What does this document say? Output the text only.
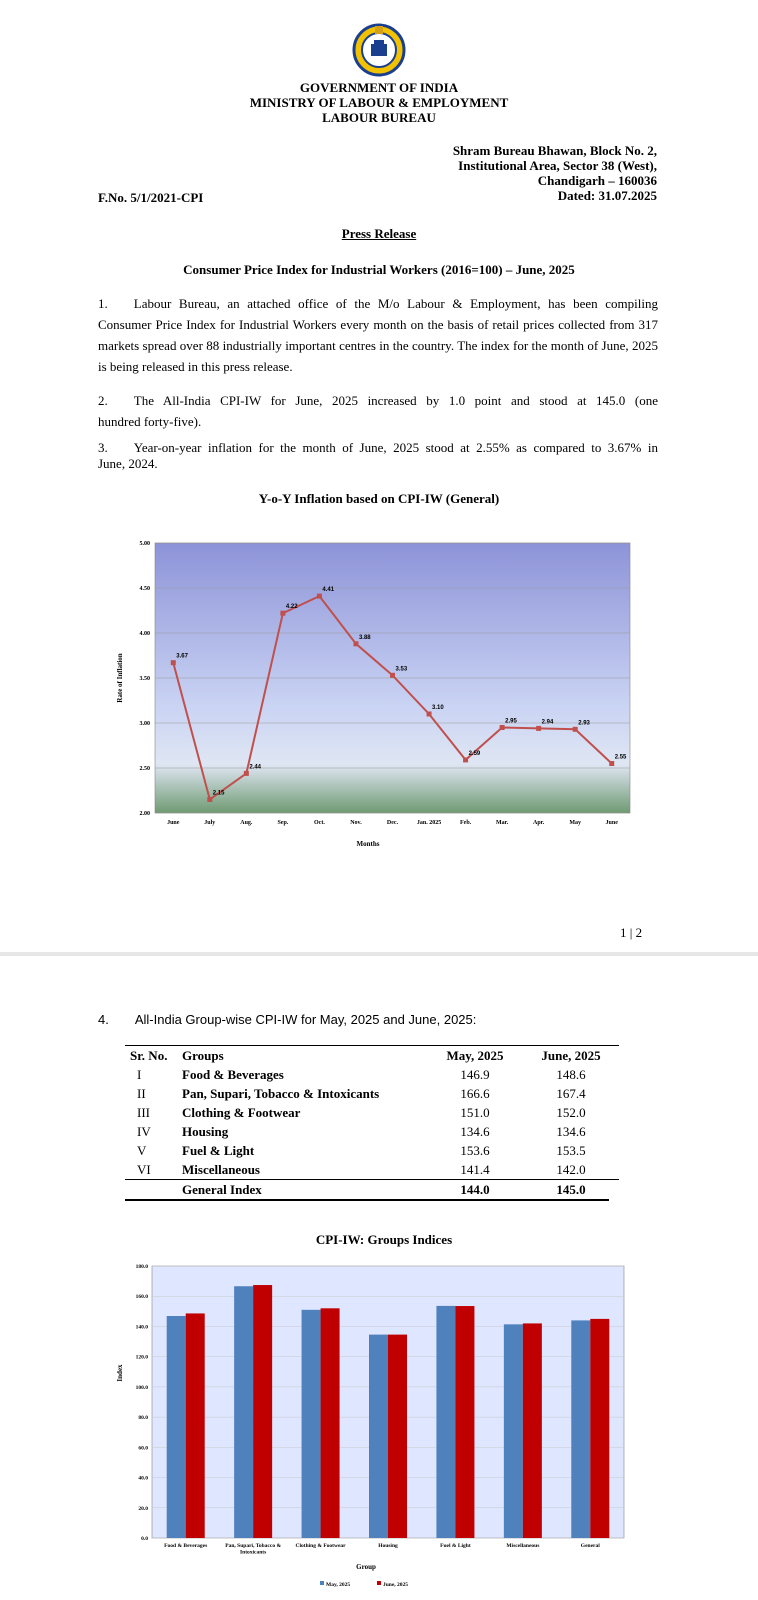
GOVERNMENT OF INDIA
MINISTRY OF LABOUR & EMPLOYMENT
LABOUR BUREAU
Shram Bureau Bhawan, Block No. 2,
Institutional Area, Sector 38 (West),
Chandigarh – 160036
Dated: 31.07.2025
F.No. 5/1/2021-CPI
Press Release
Consumer Price Index for Industrial Workers (2016=100) – June, 2025
1. Labour Bureau, an attached office of the M/o Labour & Employment, has been compiling
Consumer Price Index for Industrial Workers every month on the basis of retail prices collected from 317 markets spread over 88 industrially important centres in the country. The index for the month of June, 2025 is being released in this press release.
2. The All-India CPI-IW for June, 2025 increased by 1.0 point and stood at 145.0 (one
hundred forty-five).
3. Year-on-year inflation for the month of June, 2025 stood at 2.55% as compared to 3.67% in
June, 2024.
Y-o-Y Inflation based on CPI-IW (General)
5.00
4.50
4.00
3.50
3.00
2.50
2.00
June	July	Aug.	Sep.	Oct.	Nov.	Dec.	Jan. 2025	Feb.	Mar.	Apr.	May	June
3.67
2.15
2.44
4.22
4.41
3.88
3.53
3.10
2.59
2.95	2.94	2.93
2.55
Rate of Inflation
Months
1 | 2
4. All-India Group-wise CPI-IW for May, 2025 and June, 2025:
Sr. No.	Groups	May, 2025	June, 2025
I	Food & Beverages	146.9	148.6
II	Pan, Supari, Tobacco & Intoxicants	166.6	167.4
III	Clothing & Footwear	151.0	152.0
IV	Housing	134.6	134.6
V	Fuel & Light	153.6	153.5
VI	Miscellaneous	141.4	142.0
	General Index	144.0	145.0
CPI-IW: Groups Indices
180.0
160.0
140.0
120.0
100.0
80.0
60.0
40.0
20.0
0.0
Food & Beverages	Pan, Supari, Tobacco & Intoxicants
Clothing & Footwear	Housing	Fuel & Light	Miscellaneous	General
Index
Group
May, 2025	June, 2025
